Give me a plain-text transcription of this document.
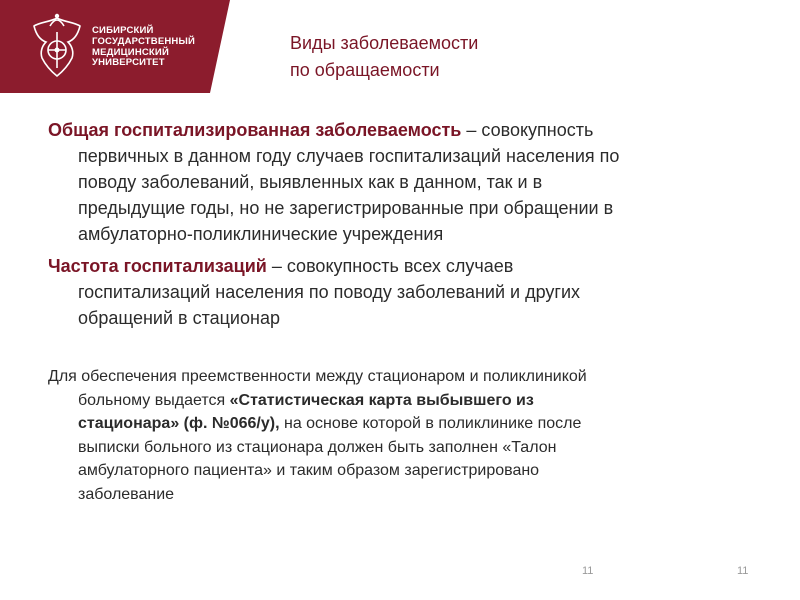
СИБИРСКИЙ
ГОСУДАРСТВЕННЫЙ
МЕДИЦИНСКИЙ
УНИВЕРСИТЕТ
Виды заболеваемости
по обращаемости
Общая госпитализированная заболеваемость – совокупность
первичных в данном году случаев госпитализаций населения по
поводу заболеваний, выявленных как в данном, так и в
предыдущие годы, но не зарегистрированные при обращении в
амбулаторно-поликлинические учреждения
Частота госпитализаций – совокупность всех случаев
госпитализаций населения по поводу заболеваний и других
обращений в стационар
Для обеспечения преемственности между стационаром и поликлиникой
больному выдается «Статистическая карта выбывшего из
стационара» (ф. №066/у), на основе которой в поликлинике после
выписки больного из стационара должен быть заполнен «Талон
амбулаторного пациента» и таким образом зарегистрировано
заболевание
11	11
